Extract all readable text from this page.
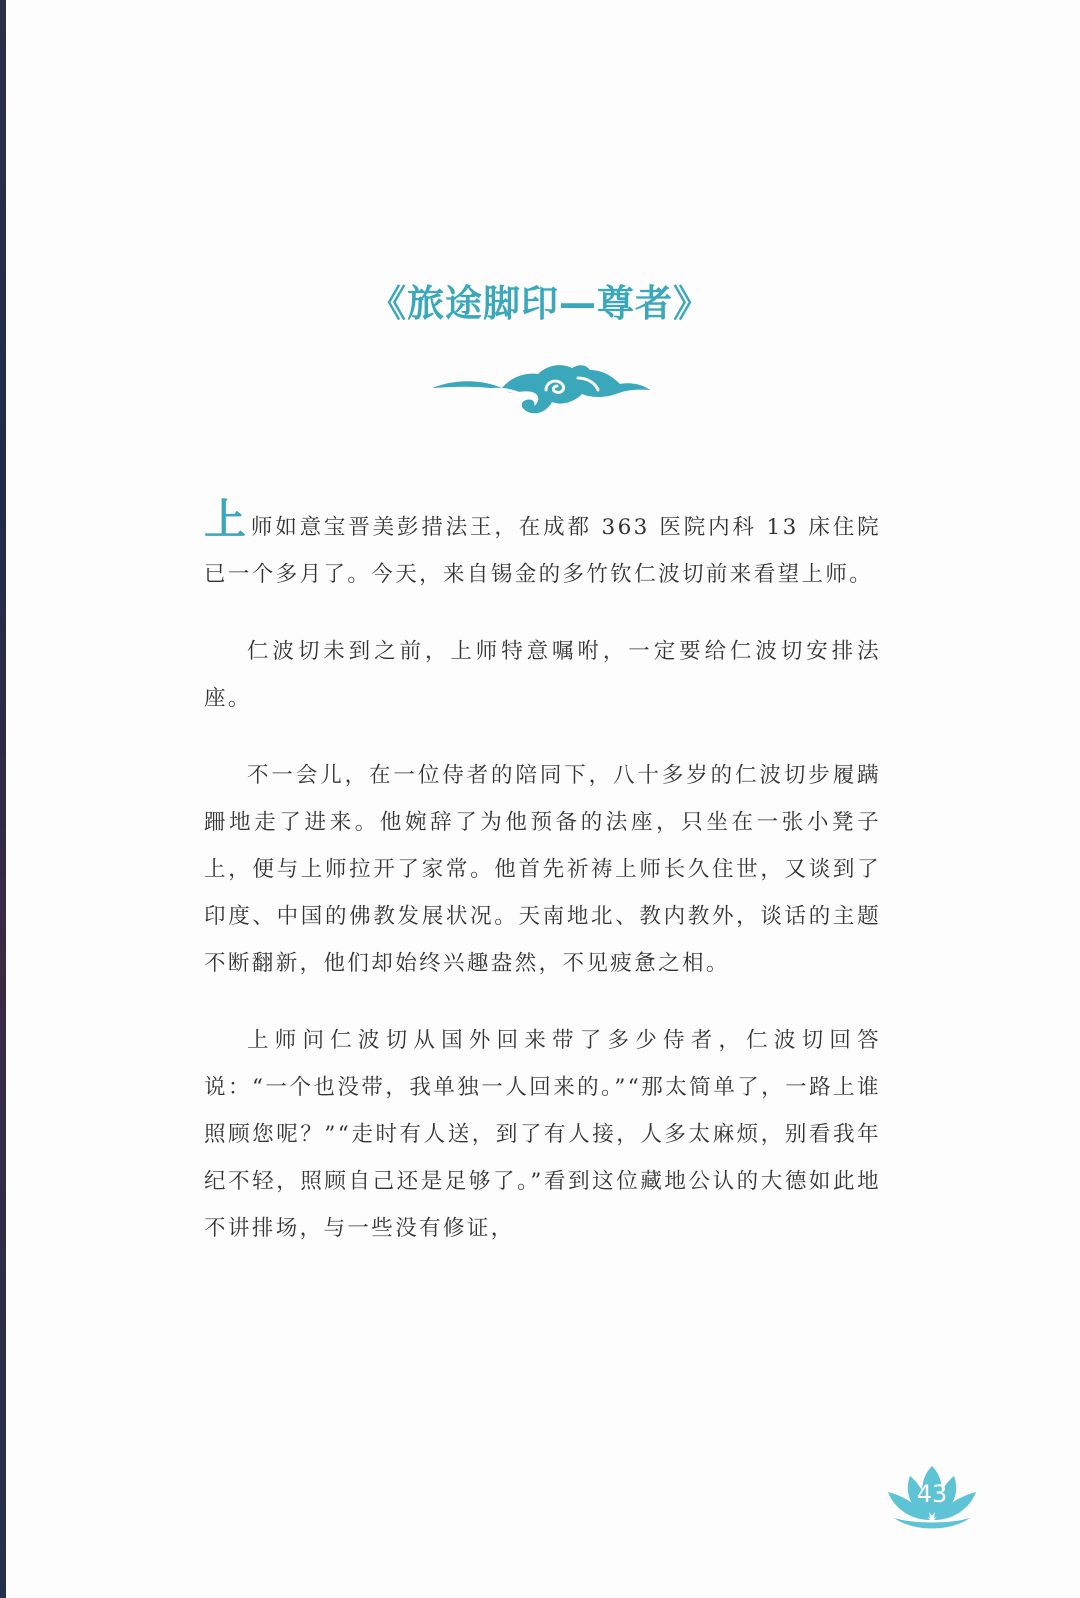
《旅途脚印—尊者》

上师如意宝晋美彭措法王，在成都 363 医院内科 13 床住院已一个多月了。今天，来自锡金的多竹钦仁波切前来看望上师。

仁波切未到之前，上师特意嘱咐，一定要给仁波切安排法座。

不一会儿，在一位侍者的陪同下，八十多岁的仁波切步履蹒跚地走了进来。他婉辞了为他预备的法座，只坐在一张小凳子上，便与上师拉开了家常。他首先祈祷上师长久住世，又谈到了印度、中国的佛教发展状况。天南地北、教内教外，谈话的主题不断翻新，他们却始终兴趣盎然，不见疲惫之相。

上师问仁波切从国外回来带了多少侍者，仁波切回答说：“一个也没带，我单独一人回来的。”“那太简单了，一路上谁照顾您呢？”“走时有人送，到了有人接，人多太麻烦，别看我年纪不轻，照顾自己还是足够了。”看到这位藏地公认的大德如此地不讲排场，与一些没有修证，

43
